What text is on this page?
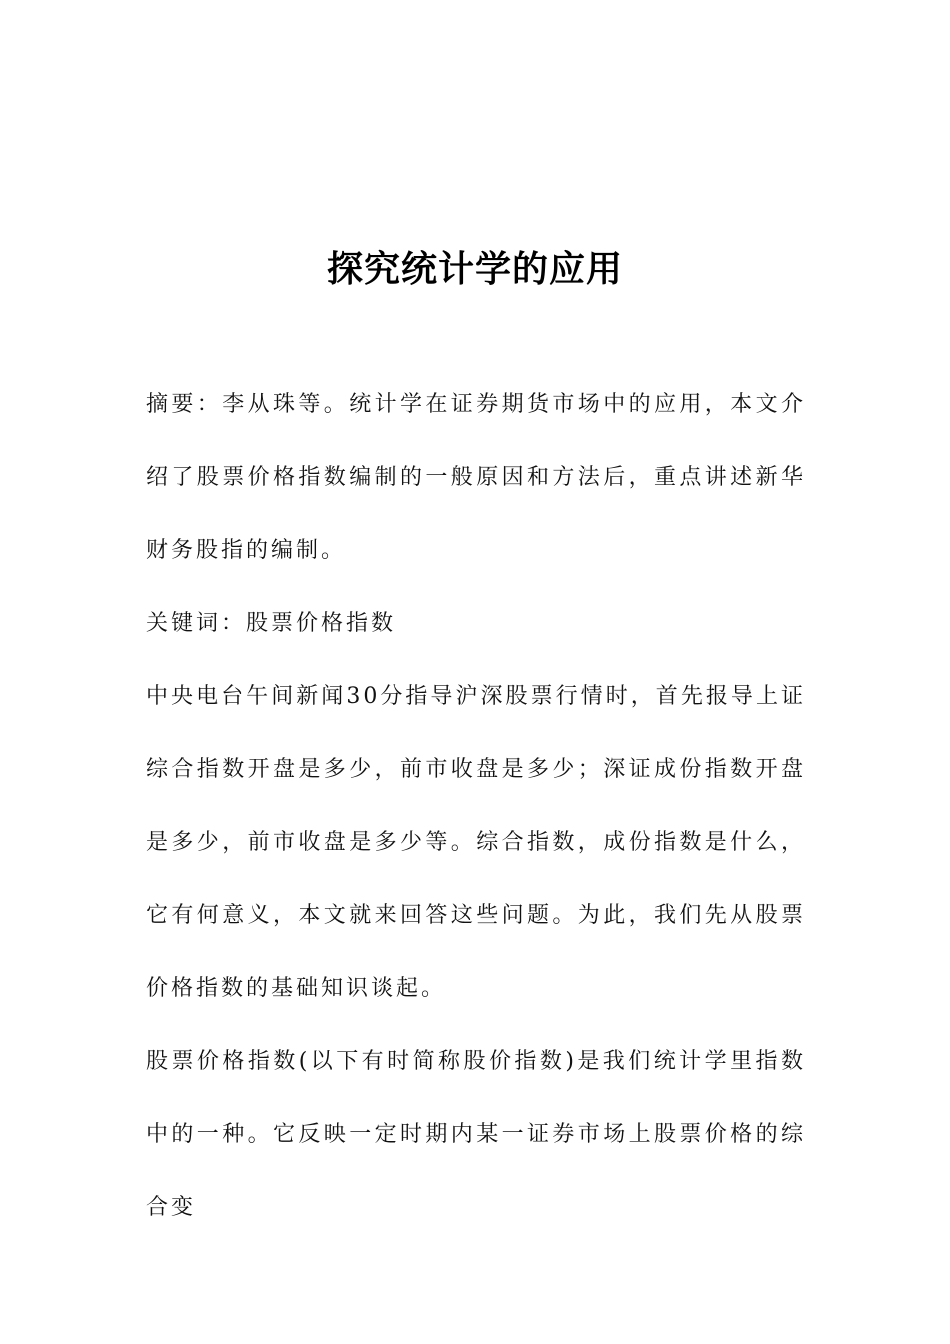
探究统计学的应用

摘要：李从珠等。统计学在证券期货市场中的应用，本文介绍了股票价格指数编制的一般原因和方法后，重点讲述新华财务股指的编制。

关键词：股票价格指数

中央电台午间新闻30分指导沪深股票行情时，首先报导上证综合指数开盘是多少，前市收盘是多少；深证成份指数开盘是多少，前市收盘是多少等。综合指数，成份指数是什么，它有何意义，本文就来回答这些问题。为此，我们先从股票价格指数的基础知识谈起。

股票价格指数(以下有时简称股价指数)是我们统计学里指数中的一种。它反映一定时期内某一证券市场上股票价格的综合变
